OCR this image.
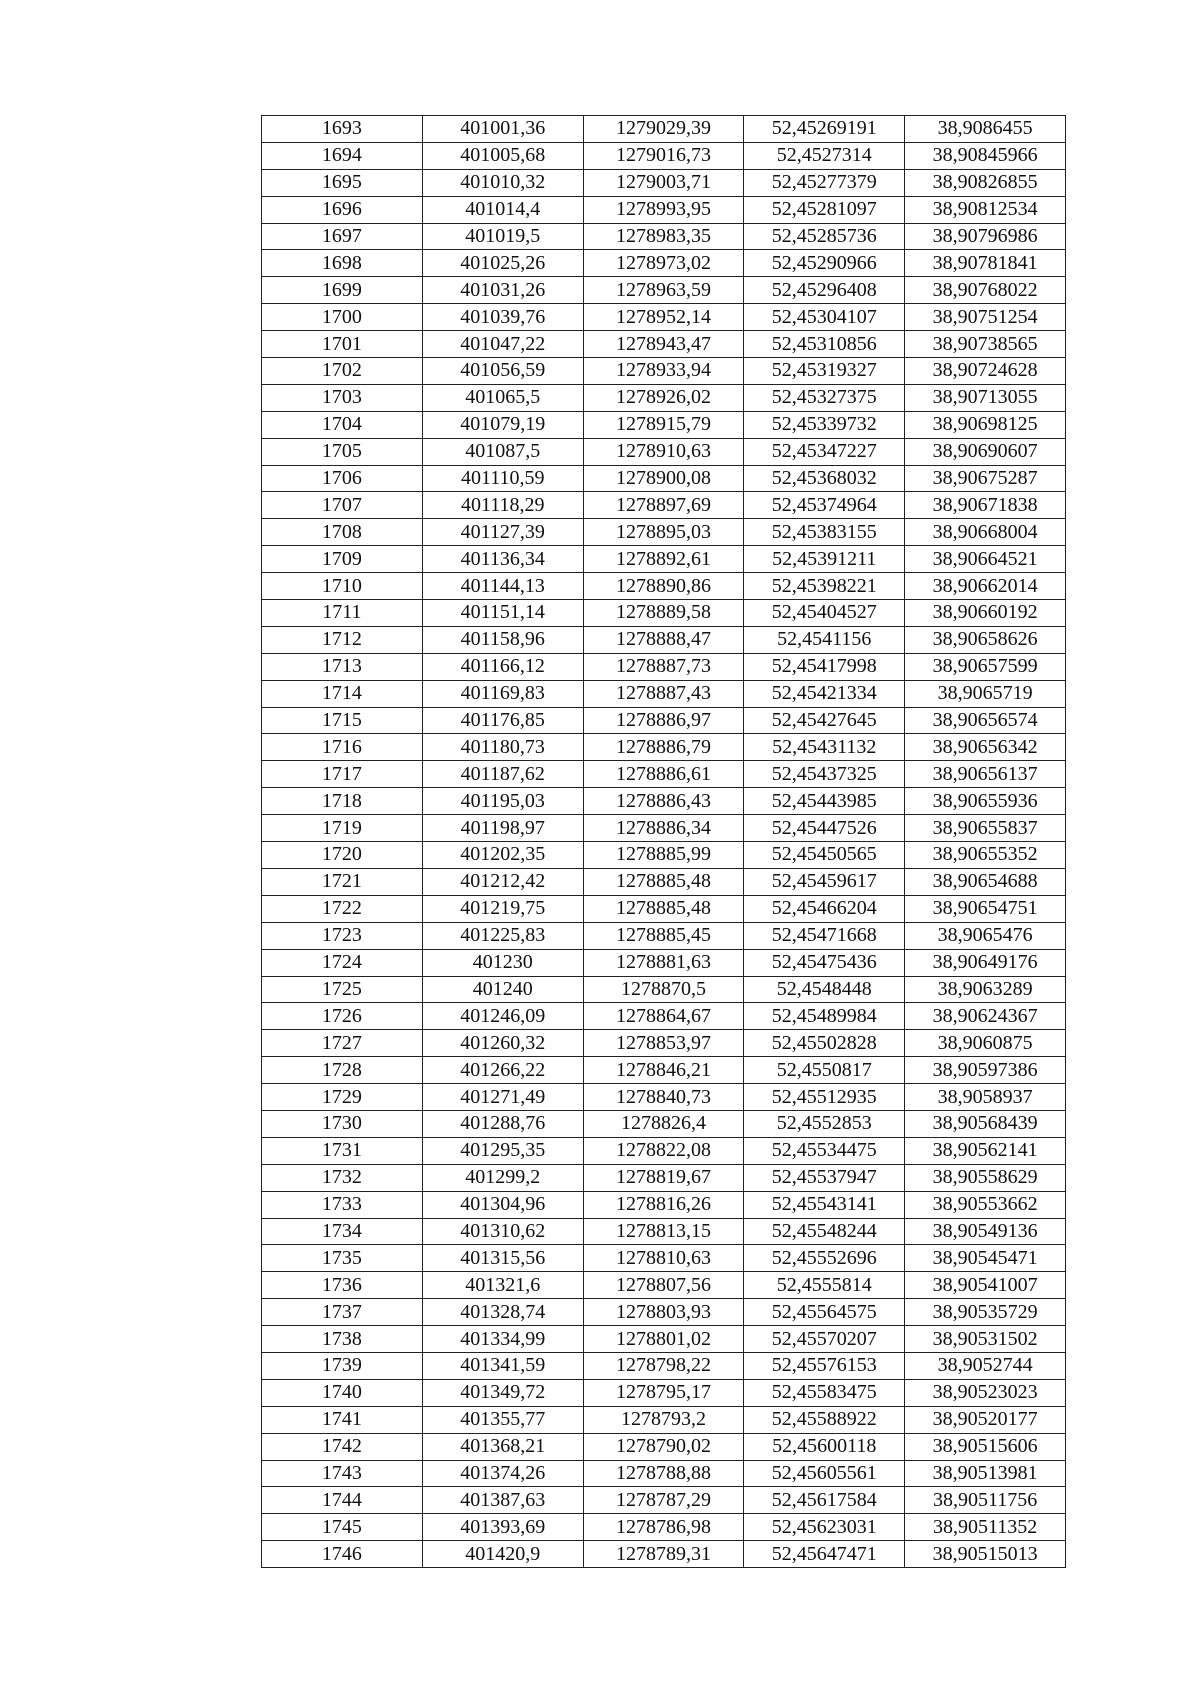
1693	401001,36	1279029,39	52,45269191	38,9086455
1694	401005,68	1279016,73	52,4527314	38,90845966
1695	401010,32	1279003,71	52,45277379	38,90826855
1696	401014,4	1278993,95	52,45281097	38,90812534
1697	401019,5	1278983,35	52,45285736	38,90796986
1698	401025,26	1278973,02	52,45290966	38,90781841
1699	401031,26	1278963,59	52,45296408	38,90768022
1700	401039,76	1278952,14	52,45304107	38,90751254
1701	401047,22	1278943,47	52,45310856	38,90738565
1702	401056,59	1278933,94	52,45319327	38,90724628
1703	401065,5	1278926,02	52,45327375	38,90713055
1704	401079,19	1278915,79	52,45339732	38,90698125
1705	401087,5	1278910,63	52,45347227	38,90690607
1706	401110,59	1278900,08	52,45368032	38,90675287
1707	401118,29	1278897,69	52,45374964	38,90671838
1708	401127,39	1278895,03	52,45383155	38,90668004
1709	401136,34	1278892,61	52,45391211	38,90664521
1710	401144,13	1278890,86	52,45398221	38,90662014
1711	401151,14	1278889,58	52,45404527	38,90660192
1712	401158,96	1278888,47	52,4541156	38,90658626
1713	401166,12	1278887,73	52,45417998	38,90657599
1714	401169,83	1278887,43	52,45421334	38,9065719
1715	401176,85	1278886,97	52,45427645	38,90656574
1716	401180,73	1278886,79	52,45431132	38,90656342
1717	401187,62	1278886,61	52,45437325	38,90656137
1718	401195,03	1278886,43	52,45443985	38,90655936
1719	401198,97	1278886,34	52,45447526	38,90655837
1720	401202,35	1278885,99	52,45450565	38,90655352
1721	401212,42	1278885,48	52,45459617	38,90654688
1722	401219,75	1278885,48	52,45466204	38,90654751
1723	401225,83	1278885,45	52,45471668	38,9065476
1724	401230	1278881,63	52,45475436	38,90649176
1725	401240	1278870,5	52,4548448	38,9063289
1726	401246,09	1278864,67	52,45489984	38,90624367
1727	401260,32	1278853,97	52,45502828	38,9060875
1728	401266,22	1278846,21	52,4550817	38,90597386
1729	401271,49	1278840,73	52,45512935	38,9058937
1730	401288,76	1278826,4	52,4552853	38,90568439
1731	401295,35	1278822,08	52,45534475	38,90562141
1732	401299,2	1278819,67	52,45537947	38,90558629
1733	401304,96	1278816,26	52,45543141	38,90553662
1734	401310,62	1278813,15	52,45548244	38,90549136
1735	401315,56	1278810,63	52,45552696	38,90545471
1736	401321,6	1278807,56	52,4555814	38,90541007
1737	401328,74	1278803,93	52,45564575	38,90535729
1738	401334,99	1278801,02	52,45570207	38,90531502
1739	401341,59	1278798,22	52,45576153	38,9052744
1740	401349,72	1278795,17	52,45583475	38,90523023
1741	401355,77	1278793,2	52,45588922	38,90520177
1742	401368,21	1278790,02	52,45600118	38,90515606
1743	401374,26	1278788,88	52,45605561	38,90513981
1744	401387,63	1278787,29	52,45617584	38,90511756
1745	401393,69	1278786,98	52,45623031	38,90511352
1746	401420,9	1278789,31	52,45647471	38,90515013
